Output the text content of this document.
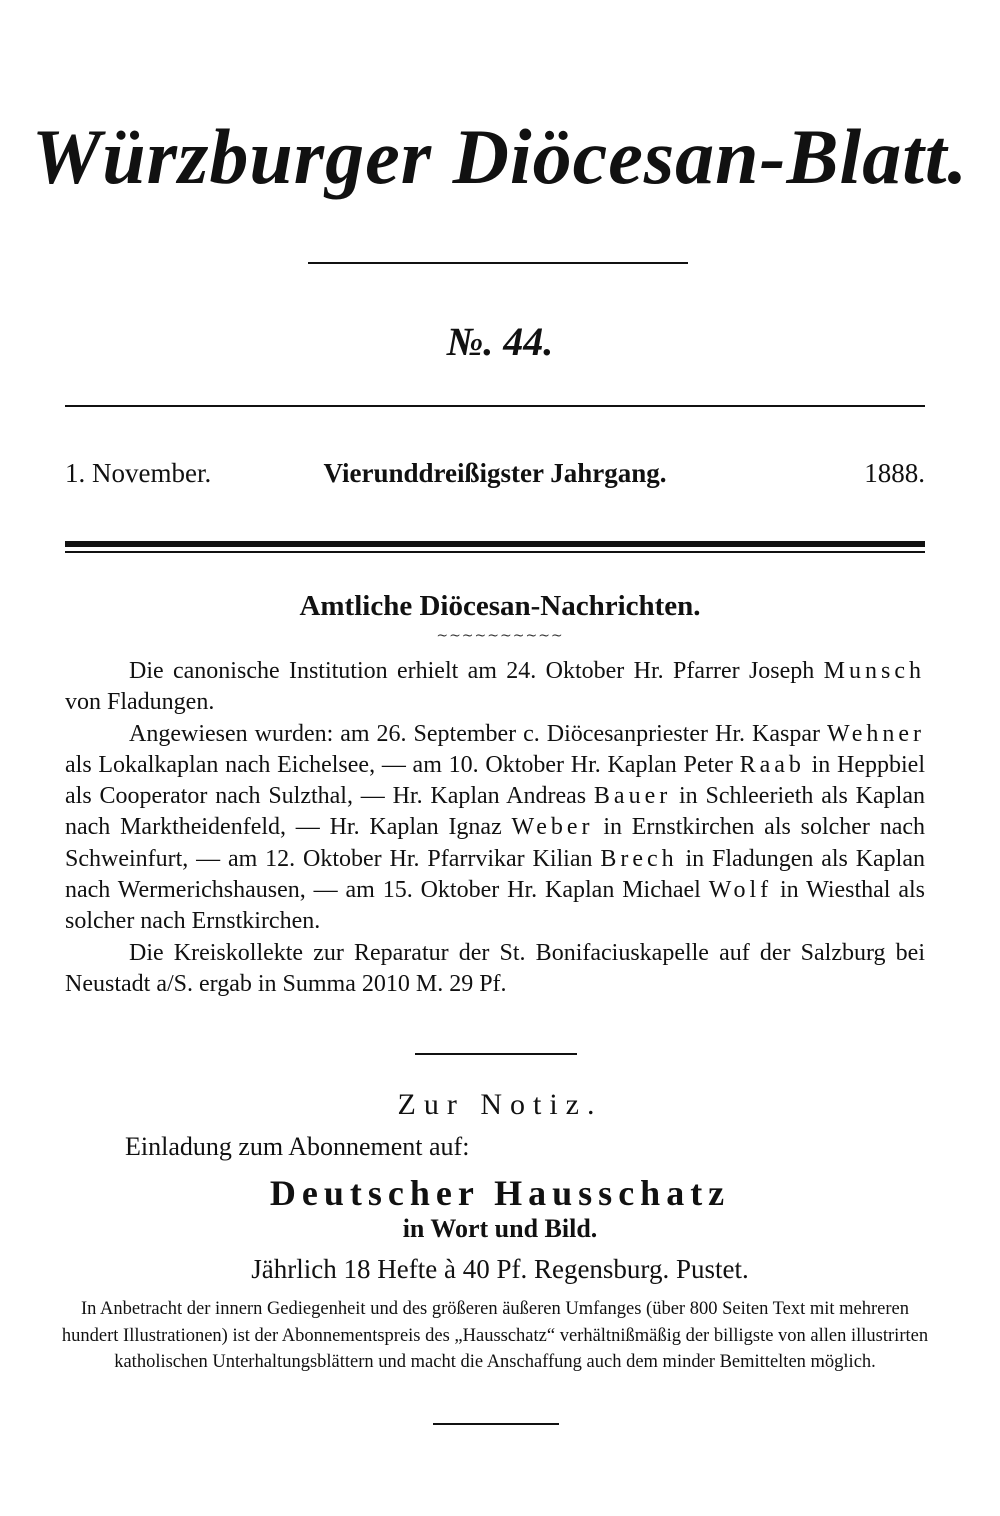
Würzburger Diöcesan-Blatt.
№. 44.
1. November.	Vierunddreißigster Jahrgang.	1888.
Amtliche Diöcesan-Nachrichten.
~~~~~~~~~~

Die canonische Institution erhielt am 24. Oktober Hr. Pfarrer Joseph Munsch von Fladungen.

Angewiesen wurden: am 26. September c. Diöcesanpriester Hr. Kaspar Wehner als Lokalkaplan nach Eichelsee, — am 10. Oktober Hr. Kaplan Peter Raab in Heppbiel als Cooperator nach Sulzthal, — Hr. Kaplan Andreas Bauer in Schleerieth als Kaplan nach Marktheidenfeld, — Hr. Kaplan Ignaz Weber in Ernstkirchen als solcher nach Schweinfurt, — am 12. Oktober Hr. Pfarrvikar Kilian Brech in Fladungen als Kaplan nach Wermerichshausen, — am 15. Oktober Hr. Kaplan Michael Wolf in Wiesthal als solcher nach Ernstkirchen.

Die Kreiskollekte zur Reparatur der St. Bonifaciuskapelle auf der Salzburg bei Neustadt a/S. ergab in Summa 2010 M. 29 Pf.

Zur Notiz.
Einladung zum Abonnement auf:
Deutscher Hausschatz
in Wort und Bild.
Jährlich 18 Hefte à 40 Pf. Regensburg. Pustet.
In Anbetracht der innern Gediegenheit und des größeren äußeren Umfanges (über 800 Seiten Text mit mehreren hundert Illustrationen) ist der Abonnementspreis des „Hausschatz“ verhältnißmäßig der billigste von allen illustrirten katholischen Unterhaltungsblättern und macht die Anschaffung auch dem minder Bemittelten möglich.
